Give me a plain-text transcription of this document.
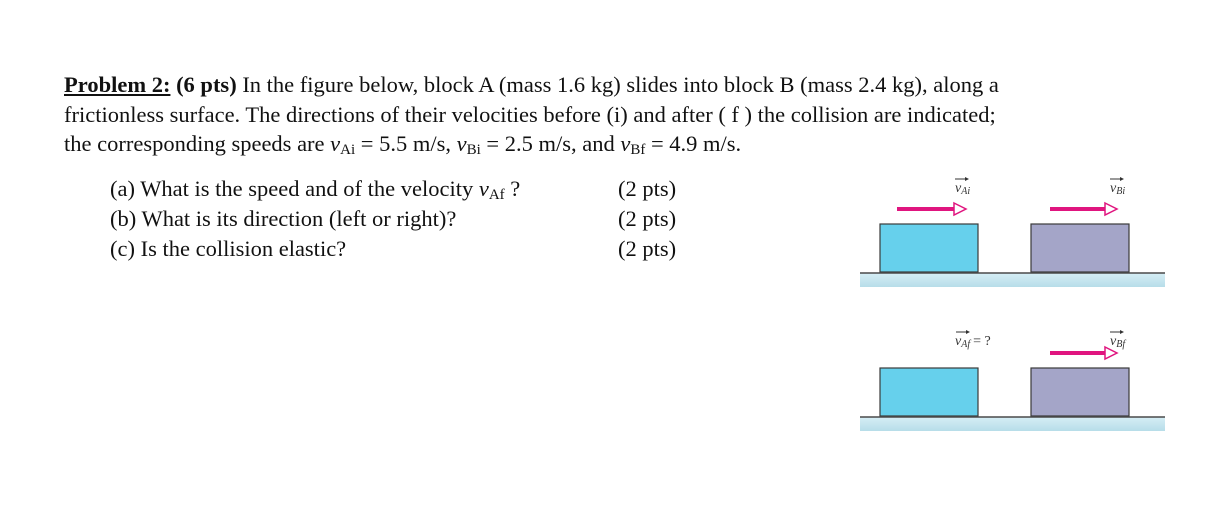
Problem 2: (6 pts) In the figure below, block A (mass 1.6 kg) slides into block B (mass 2.4 kg), along a
frictionless surface. The directions of their velocities before (i) and after ( f ) the collision are indicated;
the corresponding speeds are $v_{Ai} = 5.5$ m/s, $v_{Bi} = 2.5$ m/s, and $v_{Bf} = 4.9$ m/s.
(a) What is the speed and of the velocity $v_{Af}$ ?
(b) What is its direction (left or right)?
(c) Is the collision elastic?
(2 pts)
(2 pts)
(2 pts)
vAi	vBi
vAf = ?	vBf
